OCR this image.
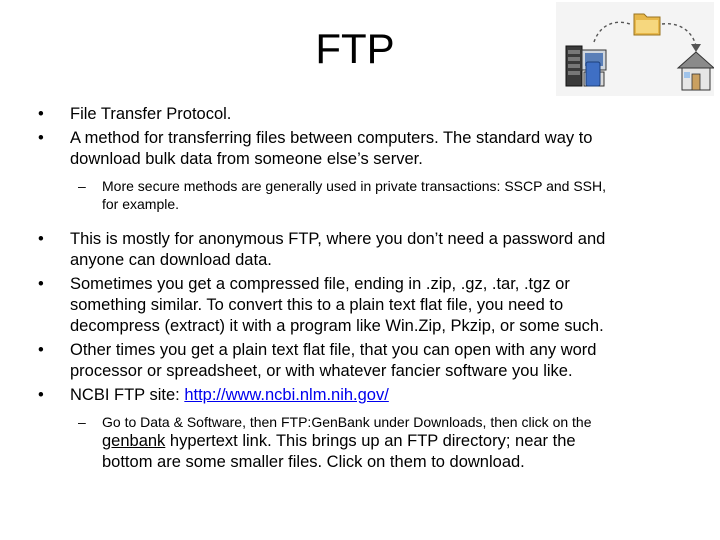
FTP
•	File Transfer Protocol.
•	A method for transferring files between computers. The standard way to
download bulk data from someone else’s server.
– More secure methods are generally used in private transactions: SSCP and SSH,
for example.
•	This is mostly for anonymous FTP, where you don’t need a password and
anyone can download data.
•	Sometimes you get a compressed file, ending in .zip, .gz, .tar, .tgz or
something similar. To convert this to a plain text flat file, you need to
decompress (extract) it with a program like Win.Zip, Pkzip, or some such.
•	Other times you get a plain text flat file, that you can open with any word
processor or spreadsheet, or with whatever fancier software you like.
•	NCBI FTP site: http://www.ncbi.nlm.nih.gov/
– Go to Data & Software, then FTP:GenBank under Downloads, then click on the
genbank hypertext link. This brings up an FTP directory; near the
bottom are some smaller files. Click on them to download.
